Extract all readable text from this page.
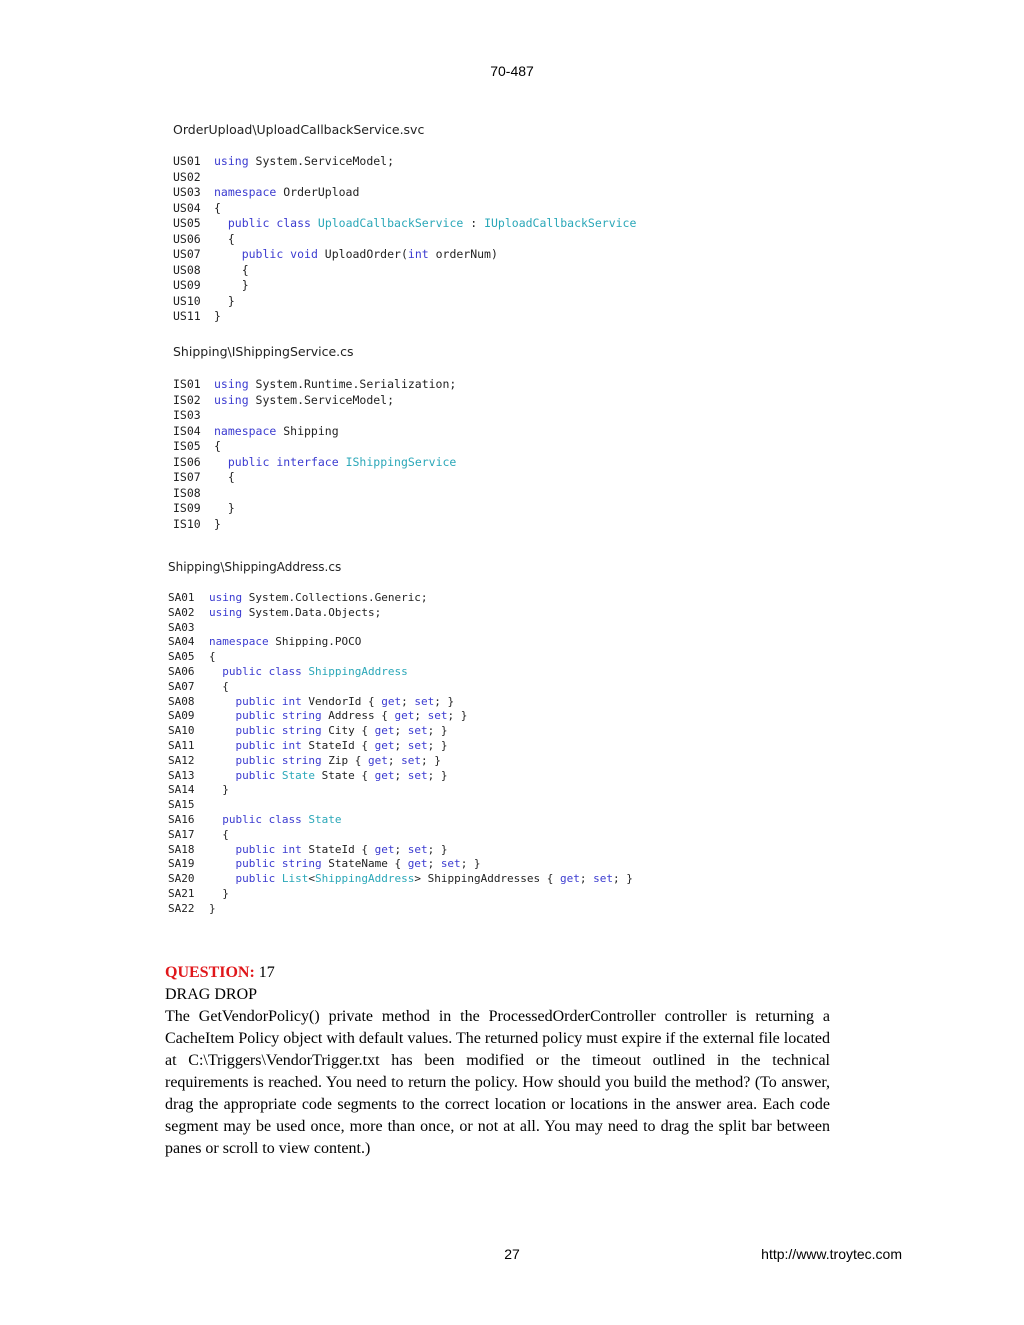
70-487
OrderUpload\UploadCallbackService.svc
US01 using System.ServiceModel;
US02
US03 namespace OrderUpload
US04 {
US05 public class UploadCallbackService : IUploadCallbackService
US06 {
US07	public void UploadOrder(int orderNum)
US08	{
US09	}
US10 }
US11 }
Shipping\IShippingService.cs
IS01 using System.Runtime.Serialization;
IS02 using System.ServiceModel;
IS03
IS04 namespace Shipping
IS05 {
IS06 public interface IShippingService
IS07 {
IS08
IS09 }
IS10 }
Shipping\ShippingAddress.cs
SA01 using System.Collections.Generic;
SA02 using System.Data.Objects;
SA03
SA04 namespace Shipping.POCO
SA05 {
SA06	public class ShippingAddress
SA07	{
SA08	public int VendorId { get; set; }
SA09	public string Address { get; set; }
SA10	public string City { get; set; }
SA11	public int StateId { get; set; }
SA12	public string Zip { get; set; }
SA13	public State State { get; set; }
SA14	}
SA15
SA16	public class State
SA17	{
SA18	public int StateId { get; set; }
SA19	public string StateName { get; set; }
SA20	public List<ShippingAddress> ShippingAddresses { get; set; }
SA21	}
SA22 }

QUESTION: 17

DRAG DROP

The GetVendorPolicy() private method in the ProcessedOrderController controller is returning a CacheItem Policy object with default values. The returned policy must expire if the external file located at C:\Triggers\VendorTrigger.txt has been modified or the timeout outlined in the technical requirements is reached. You need to return the policy. How should you build the method? (To answer, drag the appropriate code segments to the correct location or locations in the answer area. Each code segment may be used once, more than once, or not at all. You may need to drag the split bar between panes or scroll to view content.)

27	http://www.troytec.com
